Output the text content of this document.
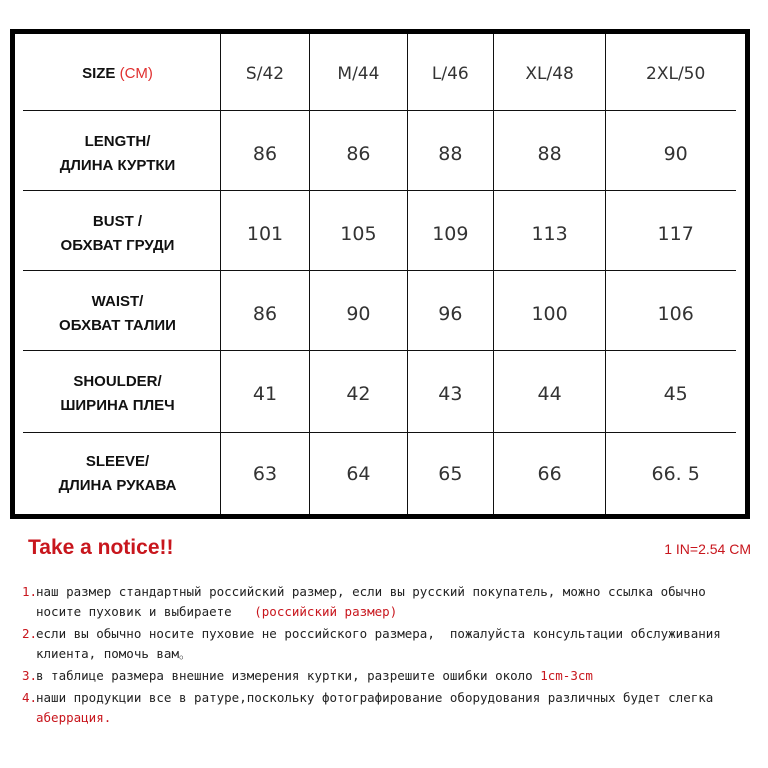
SIZE (CM)	S/42	M/44	L/46	XL/48	2XL/50

LENGTH/
ДЛИНА КУРТКИ	86	86	88	88	90

BUST /
ОБХВАТ ГРУДИ	101	105	109	113	117

WAIST/
ОБХВАТ ТАЛИИ	86	90	96	100	106

SHOULDER/
ШИРИНА ПЛЕЧ	41	42	43	44	45

SLEEVE/
ДЛИНА РУКАВА	63	64	65	66	66. 5
Take a notice!!	1 IN=2.54 CM
1.
наш размер стандартный российский размер, если вы русский покупатель, можно ссылка обычно носите пуховик и выбираете   (российский размер)
2.
если вы обычно носите пуховие не российского размера,  пожалуйста консультации обслуживания клиента, помочь вам。
3.
в таблице размера внешние измерения куртки, разрешите ошибки около 1cm-3cm
4.
наши продукции все в ратуре,поскольку фотографирование оборудования различных будет слегка аберрация.
